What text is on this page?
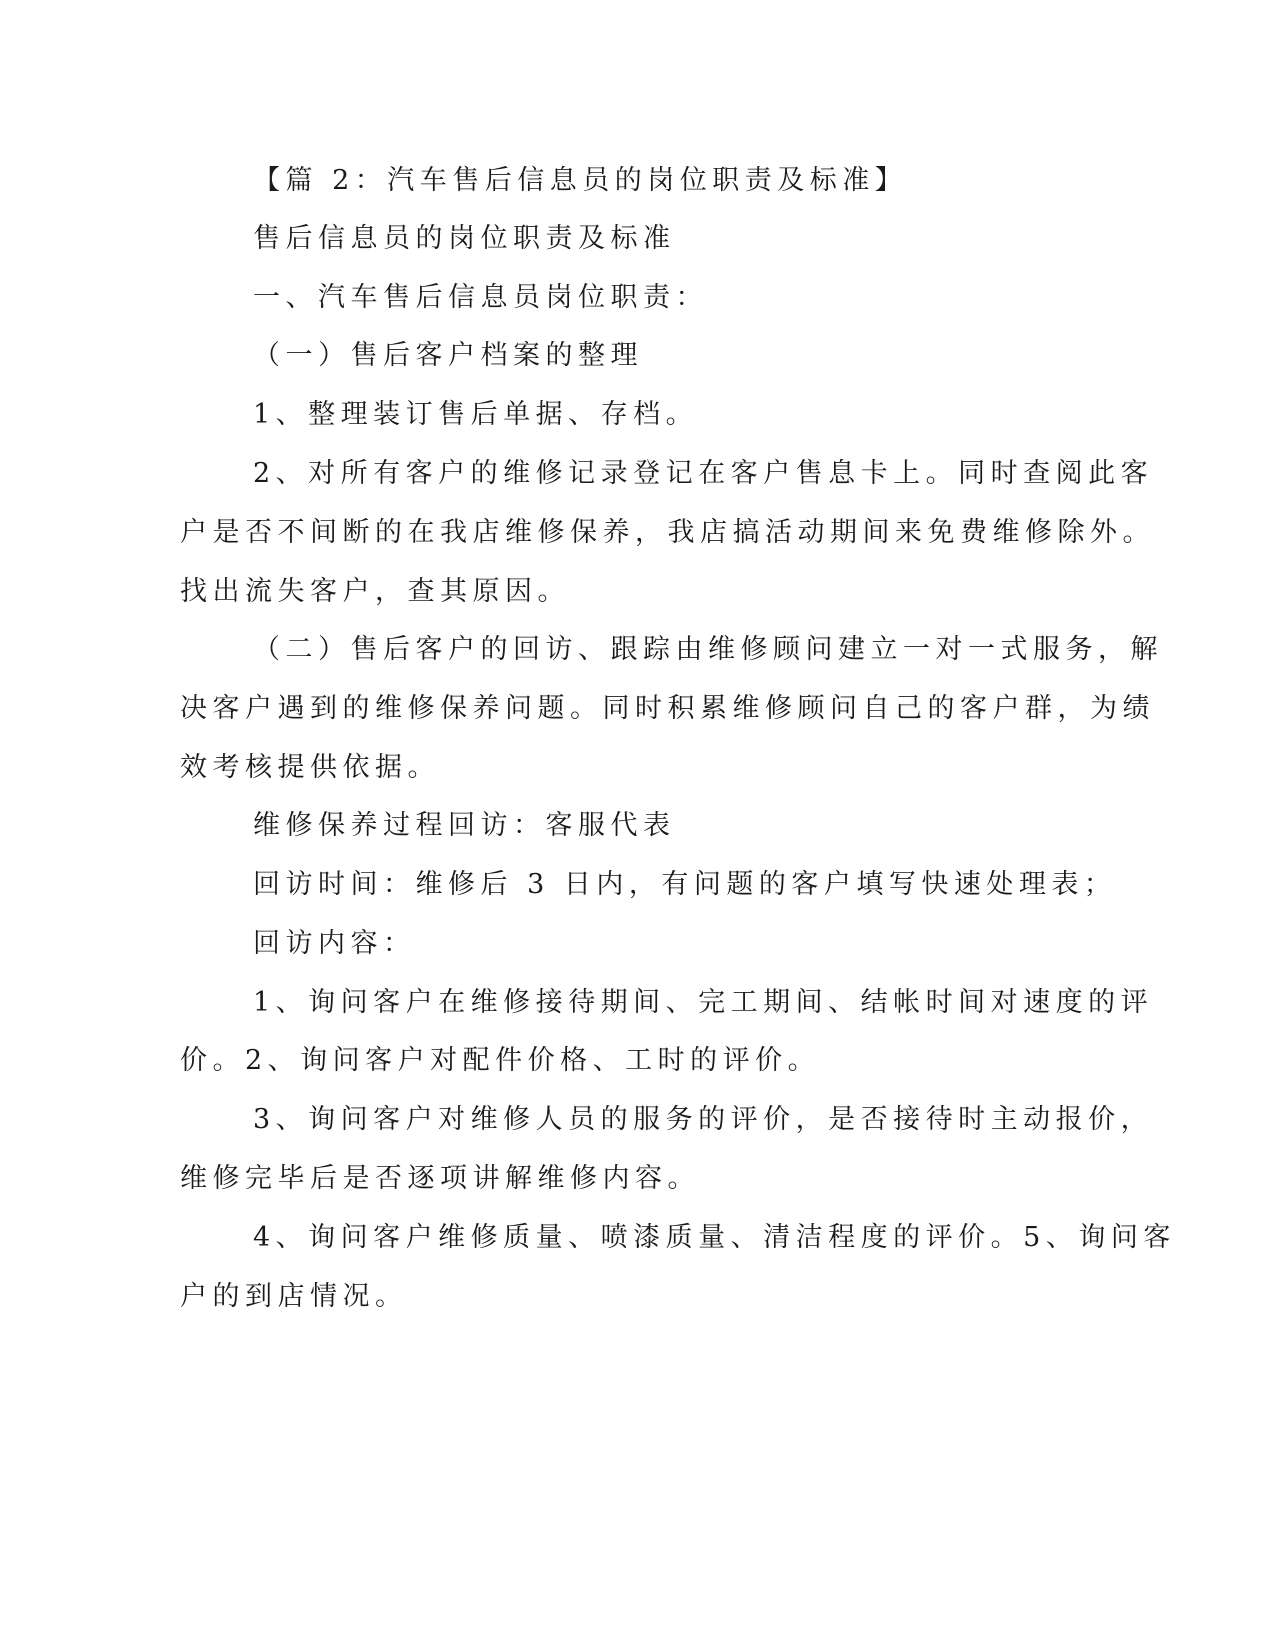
【篇 2：汽车售后信息员的岗位职责及标准】
售后信息员的岗位职责及标准
一、汽车售后信息员岗位职责：
（一）售后客户档案的整理
1、整理装订售后单据、存档。
2、对所有客户的维修记录登记在客户售息卡上。同时查阅此客
户是否不间断的在我店维修保养，我店搞活动期间来免费维修除外。
找出流失客户，查其原因。
（二）售后客户的回访、跟踪由维修顾问建立一对一式服务，解
决客户遇到的维修保养问题。同时积累维修顾问自己的客户群，为绩
效考核提供依据。
维修保养过程回访：客服代表
回访时间：维修后 3 日内，有问题的客户填写快速处理表；
回访内容：
1、询问客户在维修接待期间、完工期间、结帐时间对速度的评
价。2、询问客户对配件价格、工时的评价。
3、询问客户对维修人员的服务的评价，是否接待时主动报价，
维修完毕后是否逐项讲解维修内容。
4、询问客户维修质量、喷漆质量、清洁程度的评价。5、询问客
户的到店情况。
